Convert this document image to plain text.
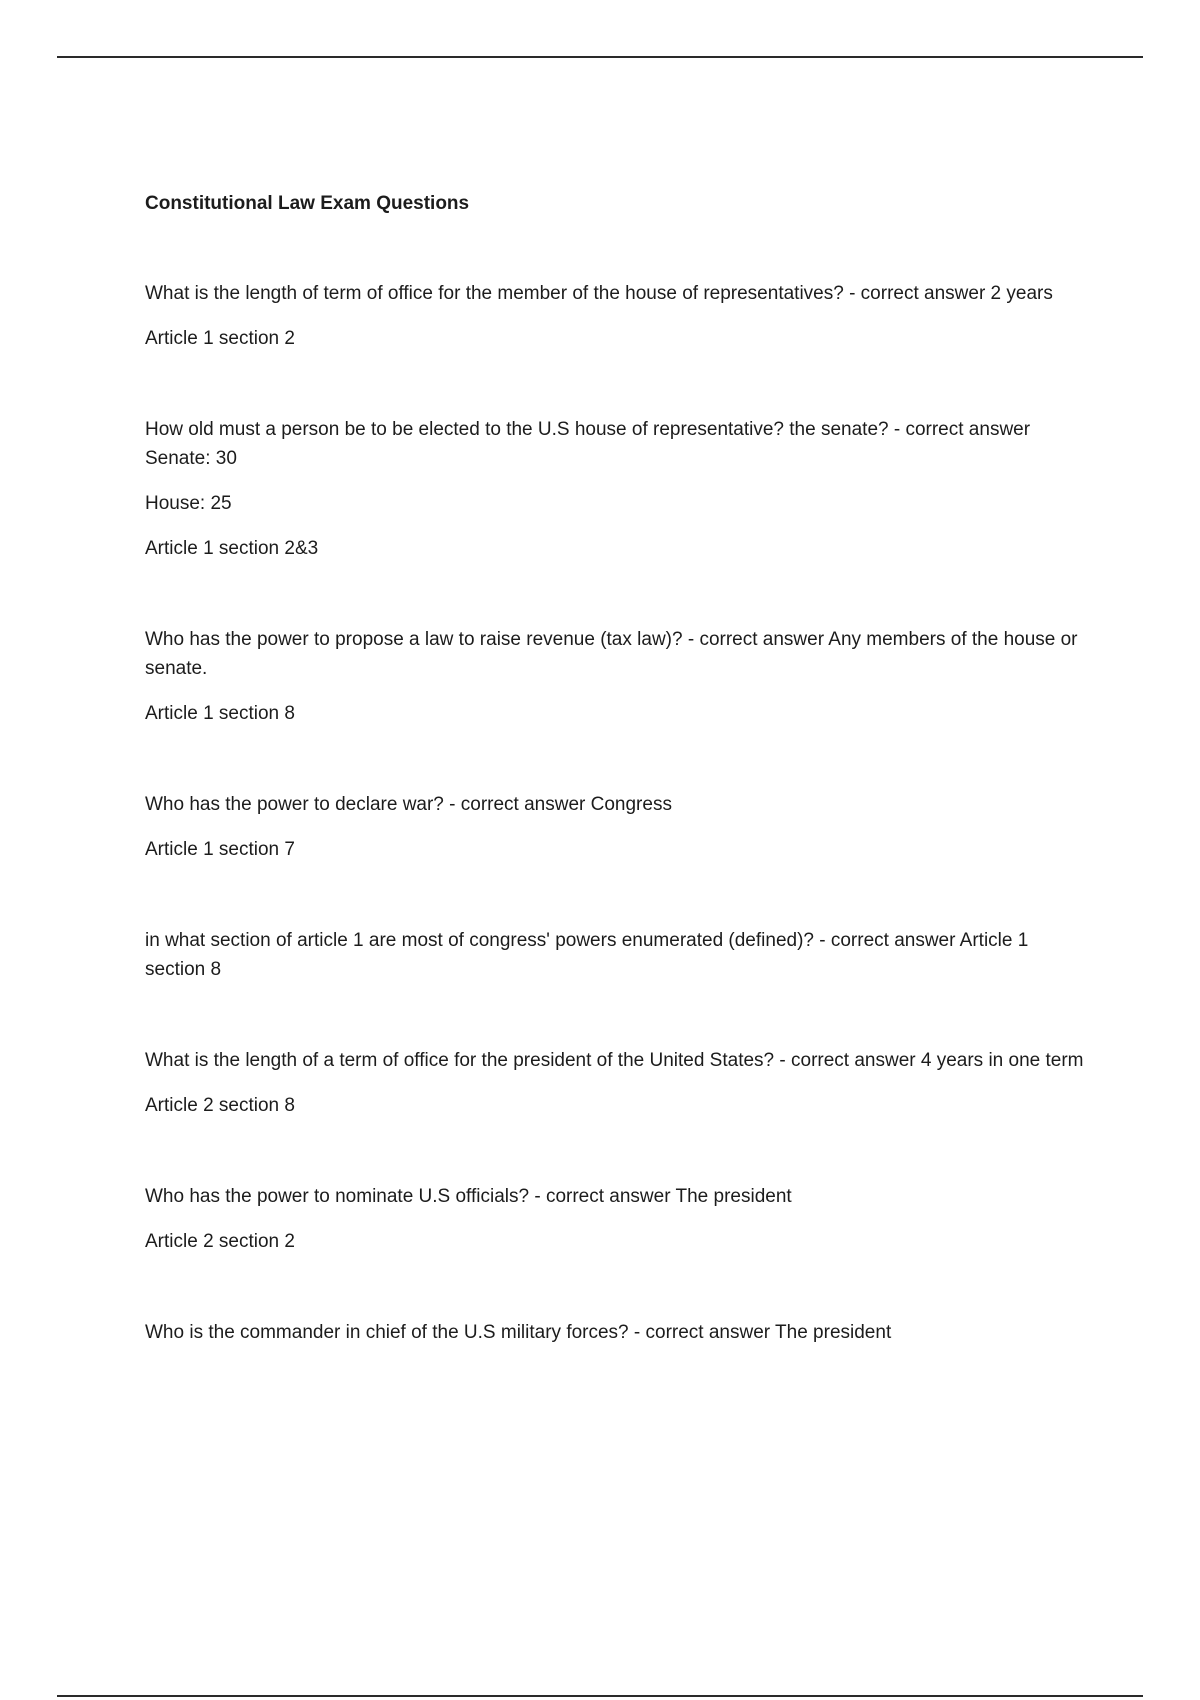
Constitutional Law Exam Questions

What is the length of term of office for the member of the house of representatives? - correct answer 2 years

Article 1 section 2

How old must a person be to be elected to the U.S house of representative? the senate? - correct answer Senate: 30

House: 25

Article 1 section 2&3

Who has the power to propose a law to raise revenue (tax law)? - correct answer Any members of the house or senate.

Article 1 section 8

Who has the power to declare war? - correct answer Congress

Article 1 section 7

in what section of article 1 are most of congress' powers enumerated (defined)? - correct answer Article 1 section 8

What is the length of a term of office for the president of the United States? - correct answer 4 years in one term

Article 2 section 8

Who has the power to nominate U.S officials? - correct answer The president

Article 2 section 2

Who is the commander in chief of the U.S military forces? - correct answer The president
